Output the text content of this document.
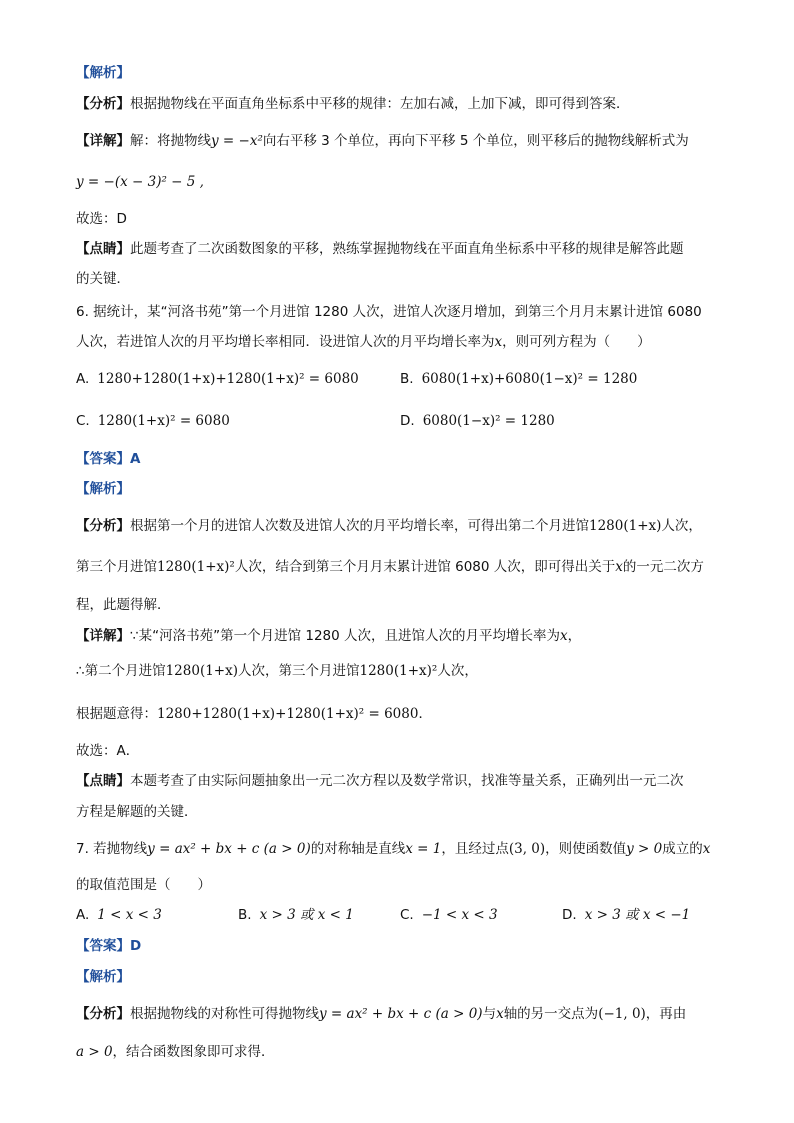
【解析】
【分析】根据抛物线在平面直角坐标系中平移的规律：左加右减，上加下减，即可得到答案．
【详解】解：将抛物线y = −x²向右平移 3 个单位，再向下平移 5 个单位，则平移后的抛物线解析式为
y = −(x − 3)² − 5 ,
故选：D
【点睛】此题考查了二次函数图象的平移，熟练掌握抛物线在平面直角坐标系中平移的规律是解答此题
的关键．
6. 据统计，某“河洛书苑”第一个月进馆 1280 人次，进馆人次逐月增加，到第三个月月末累计进馆 6080
人次，若进馆人次的月平均增长率相同．设进馆人次的月平均增长率为x，则可列方程为（　　）
A. 1280+1280(1+x)+1280(1+x)² = 6080	B. 6080(1+x)+6080(1−x)² = 1280
C. 1280(1+x)² = 6080	D. 6080(1−x)² = 1280
【答案】A
【解析】
【分析】根据第一个月的进馆人次数及进馆人次的月平均增长率，可得出第二个月进馆1280(1+x)人次，
第三个月进馆1280(1+x)²人次，结合到第三个月月末累计进馆 6080 人次，即可得出关于x的一元二次方
程，此题得解．
【详解】∵某“河洛书苑”第一个月进馆 1280 人次，且进馆人次的月平均增长率为x，
∴第二个月进馆1280(1+x)人次，第三个月进馆1280(1+x)²人次，
根据题意得：1280+1280(1+x)+1280(1+x)² = 6080．
故选：A．
【点睛】本题考查了由实际问题抽象出一元二次方程以及数学常识，找准等量关系，正确列出一元二次
方程是解题的关键．
7. 若抛物线y = ax² + bx + c (a > 0)的对称轴是直线x = 1，且经过点(3, 0)，则使函数值y > 0成立的x
的取值范围是（　　）
A. 1 < x < 3	B. x > 3 或 x < 1	C. −1 < x < 3	D. x > 3 或 x < −1
【答案】D
【解析】
【分析】根据抛物线的对称性可得抛物线y = ax² + bx + c (a > 0)与x轴的另一交点为(−1, 0)，再由
a > 0，结合函数图象即可求得．
